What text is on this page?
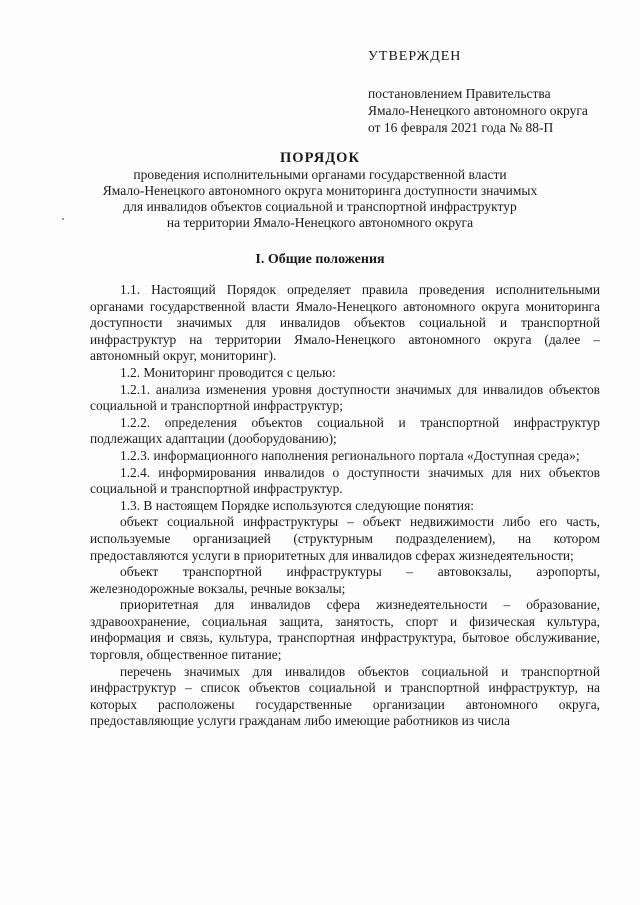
УТВЕРЖДЕН
постановлением Правительства
Ямало-Ненецкого автономного округа
от 16 февраля 2021 года № 88-П
ПОРЯДОК
проведения исполнительными органами государственной власти
Ямало-Ненецкого автономного округа мониторинга доступности значимых
для инвалидов объектов социальной и транспортной инфраструктур
на территории Ямало-Ненецкого автономного округа
I. Общие положения

1.1. Настоящий Порядок определяет правила проведения исполнительными органами государственной власти Ямало-Ненецкого автономного округа мониторинга доступности значимых для инвалидов объектов социальной и транспортной инфраструктур на территории Ямало-Ненецкого автономного округа (далее – автономный округ, мониторинг).

1.2. Мониторинг проводится с целью:

1.2.1. анализа изменения уровня доступности значимых для инвалидов объектов социальной и транспортной инфраструктур;

1.2.2. определения объектов социальной и транспортной инфраструктур подлежащих адаптации (дооборудованию);

1.2.3. информационного наполнения регионального портала «Доступная среда»;

1.2.4. информирования инвалидов о доступности значимых для них объектов социальной и транспортной инфраструктур.

1.3. В настоящем Порядке используются следующие понятия:

объект социальной инфраструктуры – объект недвижимости либо его часть, используемые организацией (структурным подразделением), на котором предоставляются услуги в приоритетных для инвалидов сферах жизнедеятельности;

объект транспортной инфраструктуры – автовокзалы, аэропорты, железнодорожные вокзалы, речные вокзалы;

приоритетная для инвалидов сфера жизнедеятельности – образование, здравоохранение, социальная защита, занятость, спорт и физическая культура, информация и связь, культура, транспортная инфраструктура, бытовое обслуживание, торговля, общественное питание;

перечень значимых для инвалидов объектов социальной и транспортной инфраструктур – список объектов социальной и транспортной инфраструктур, на которых расположены государственные организации автономного округа, предоставляющие услуги гражданам либо имеющие работников из числа
